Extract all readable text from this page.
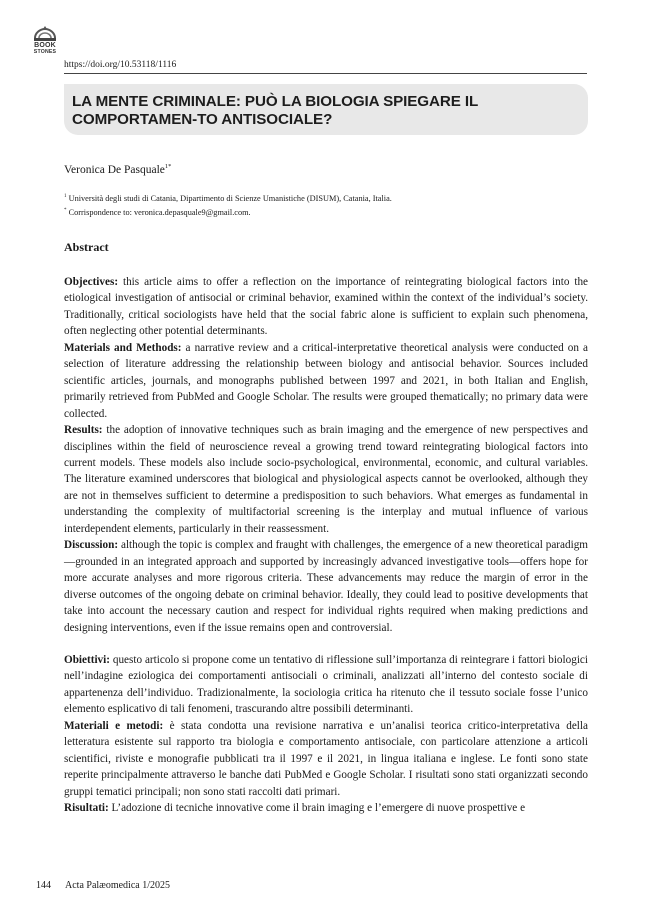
BOOK
STONES
https://doi.org/10.53118/1116
LA MENTE CRIMINALE: PUÒ LA BIOLOGIA SPIEGARE IL COMPORTAMEN-TO ANTISOCIALE?
Veronica De Pasquale$^{1*}$
$^1$ Università degli studi di Catania, Dipartimento di Scienze Umanistiche (DISUM), Catania, Italia.
* Corrispondence to: veronica.depasquale9@gmail.com.
Abstract

Objectives: this article aims to offer a reflection on the importance of reintegrating biological factors into the etiological investigation of antisocial or criminal behavior, examined within the context of the individual’s society. Traditionally, critical sociologists have held that the social fabric alone is sufficient to explain such phenomena, often neglecting other potential determinants.

Materials and Methods: a narrative review and a critical-interpretative theoretical analysis were conducted on a selection of literature addressing the relationship between biology and antisocial behavior. Sources included scientific articles, journals, and monographs published between 1997 and 2021, in both Italian and English, primarily retrieved from PubMed and Google Scholar. The results were grouped thematically; no primary data were collected.

Results: the adoption of innovative techniques such as brain imaging and the emergence of new perspectives and disciplines within the field of neuroscience reveal a growing trend toward reintegrating biological factors into current models. These models also include socio-psychological, environmental, economic, and cultural variables. The literature examined underscores that biological and physiological aspects cannot be overlooked, although they are not in themselves sufficient to determine a predisposition to such behaviors. What emerges as fundamental in understanding the complexity of multifactorial screening is the interplay and mutual influence of various interdependent elements, particularly in their reassessment.

Discussion: although the topic is complex and fraught with challenges, the emergence of a new theoretical paradigm—grounded in an integrated approach and supported by increasingly advanced investigative tools—offers hope for more accurate analyses and more rigorous criteria. These advancements may reduce the margin of error in the diverse outcomes of the ongoing debate on criminal behavior. Ideally, they could lead to positive developments that take into account the necessary caution and respect for individual rights required when making predictions and designing interventions, even if the issue remains open and controversial.

Obiettivi: questo articolo si propone come un tentativo di riflessione sull’importanza di reintegrare i fattori biologici nell’indagine eziologica dei comportamenti antisociali o criminali, analizzati all’interno del contesto sociale di appartenenza dell’individuo. Tradizionalmente, la sociologia critica ha ritenuto che il tessuto sociale fosse l’unico elemento esplicativo di tali fenomeni, trascurando altre possibili determinanti.

Materiali e metodi: è stata condotta una revisione narrativa e un’analisi teorica critico-interpretativa della letteratura esistente sul rapporto tra biologia e comportamento antisociale, con particolare attenzione a articoli scientifici, riviste e monografie pubblicati tra il 1997 e il 2021, in lingua italiana e inglese. Le fonti sono state reperite principalmente attraverso le banche dati PubMed e Google Scholar. I risultati sono stati organizzati secondo gruppi tematici principali; non sono stati raccolti dati primari.

Risultati: L’adozione di tecniche innovative come il brain imaging e l’emergere di nuove prospettive e

144 Acta Palæomedica 1/2025
